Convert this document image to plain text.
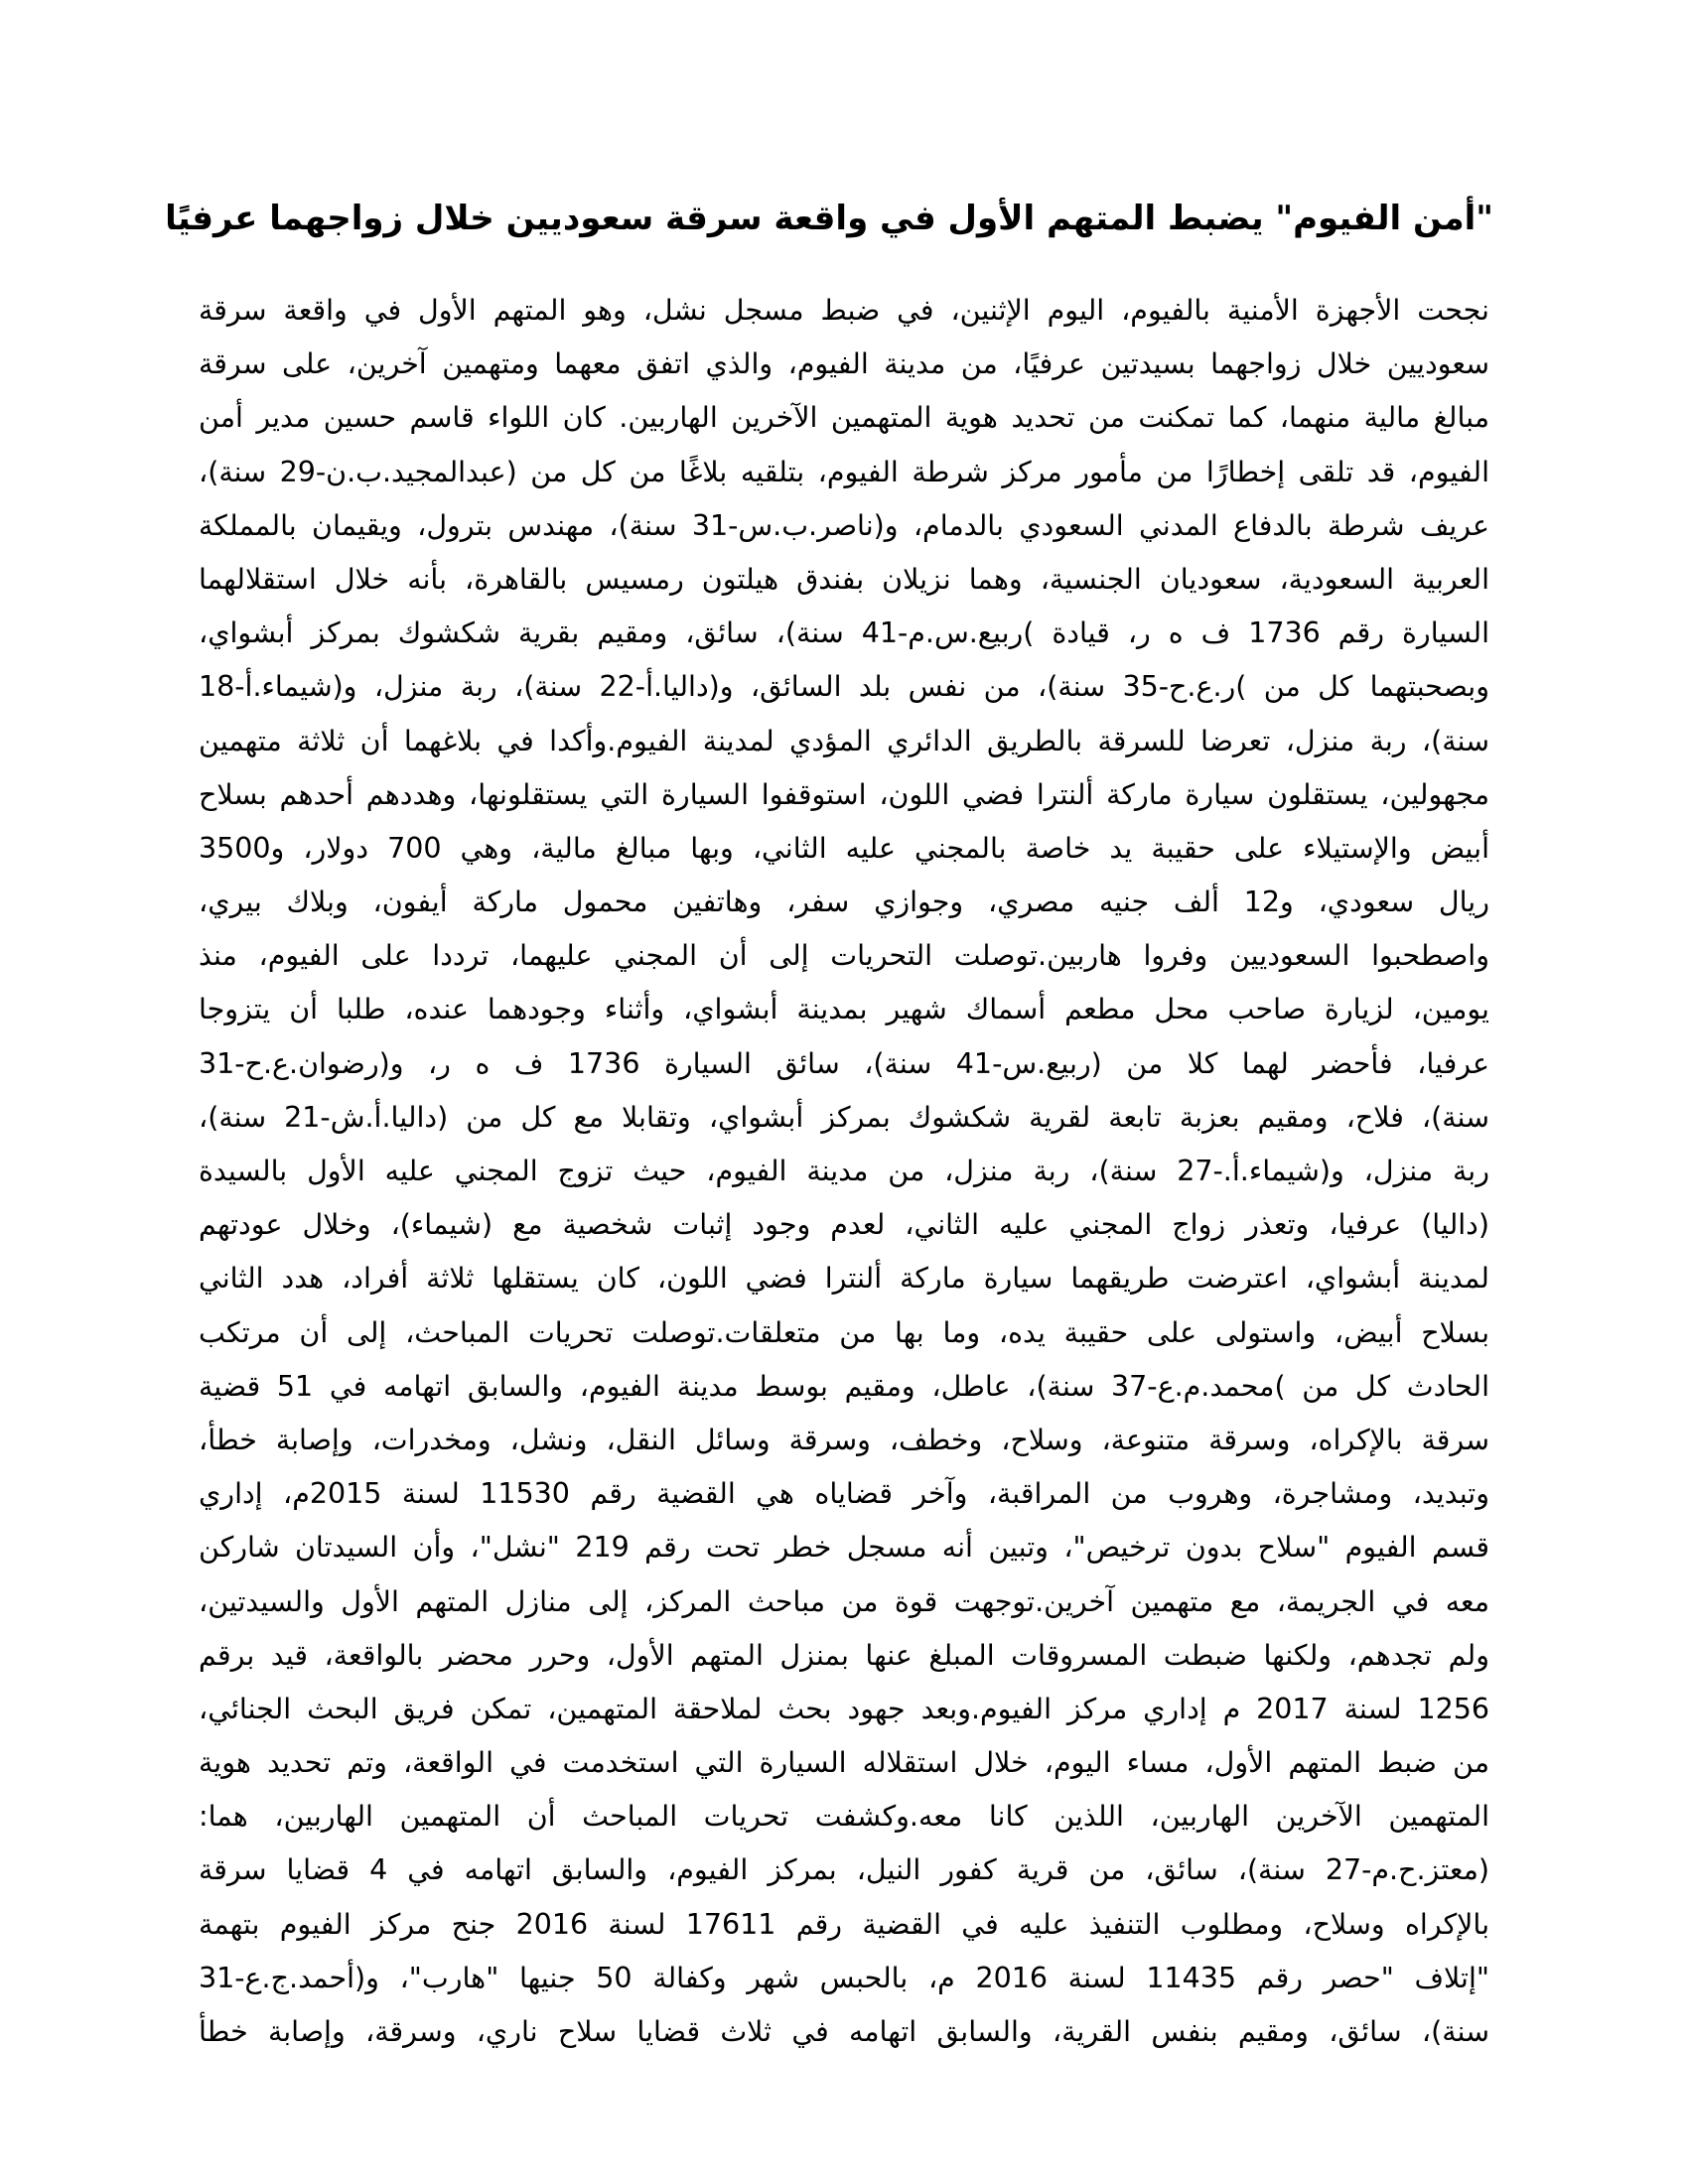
"أمن الفيوم" يضبط المتهم الأول في واقعة سرقة سعوديين خلال زواجهما عرفيًا
نجحت الأجهزة الأمنية بالفيوم، اليوم الإثنين، في ضبط مسجل نشل، وهو المتهم الأول في واقعة سرقة
سعوديين خلال زواجهما بسيدتين عرفيًا، من مدينة الفيوم، والذي اتفق معهما ومتهمين آخرين، على سرقة
مبالغ مالية منهما، كما تمكنت من تحديد هوية المتهمين الآخرين الهاربين. كان اللواء قاسم حسين مدير أمن
الفيوم، قد تلقى إخطارًا من مأمور مركز شرطة الفيوم، بتلقيه بلاغًا من كل من (عبدالمجيد.ب.ن-29 سنة)،
عريف شرطة بالدفاع المدني السعودي بالدمام، و(ناصر.ب.س-31 سنة)، مهندس بترول، ويقيمان بالمملكة
العربية السعودية، سعوديان الجنسية، وهما نزيلان بفندق هيلتون رمسيس بالقاهرة، بأنه خلال استقلالهما
السيارة رقم 1736 ف ه ر، قيادة )ربيع.س.م-41 سنة)، سائق، ومقيم بقرية شكشوك بمركز أبشواي،
وبصحبتهما كل من )ر.ع.ح-35 سنة)، من نفس بلد السائق، و(داليا.أ-22 سنة)، ربة منزل، و(شيماء.أ-18
سنة)، ربة منزل، تعرضا للسرقة بالطريق الدائري المؤدي لمدينة الفيوم.وأكدا في بلاغهما أن ثلاثة متهمين
مجهولين، يستقلون سيارة ماركة ألنترا فضي اللون، استوقفوا السيارة التي يستقلونها، وهددهم أحدهم بسلاح
أبيض والإستيلاء على حقيبة يد خاصة بالمجني عليه الثاني، وبها مبالغ مالية، وهي 700 دولار، و3500
ريال سعودي، و12 ألف جنيه مصري، وجوازي سفر، وهاتفين محمول ماركة أيفون، وبلاك بيري،
واصطحبوا السعوديين وفروا هاربين.توصلت التحريات إلى أن المجني عليهما، ترددا على الفيوم، منذ
يومين، لزيارة صاحب محل مطعم أسماك شهير بمدينة أبشواي، وأثناء وجودهما عنده، طلبا أن يتزوجا
عرفيا، فأحضر لهما كلا من (ربيع.س-41 سنة)، سائق السيارة 1736 ف ه ر، و(رضوان.ع.ح-31
سنة)، فلاح، ومقيم بعزبة تابعة لقرية شكشوك بمركز أبشواي، وتقابلا مع كل من (داليا.أ.ش-21 سنة)،
ربة منزل، و(شيماء.أ.-27 سنة)، ربة منزل، من مدينة الفيوم، حيث تزوج المجني عليه الأول بالسيدة
(داليا) عرفيا، وتعذر زواج المجني عليه الثاني، لعدم وجود إثبات شخصية مع (شيماء)، وخلال عودتهم
لمدينة أبشواي، اعترضت طريقهما سيارة ماركة ألنترا فضي اللون، كان يستقلها ثلاثة أفراد، هدد الثاني
بسلاح أبيض، واستولى على حقيبة يده، وما بها من متعلقات.توصلت تحريات المباحث، إلى أن مرتكب
الحادث كل من )محمد.م.ع-37 سنة)، عاطل، ومقيم بوسط مدينة الفيوم، والسابق اتهامه في 51 قضية
سرقة بالإكراه، وسرقة متنوعة، وسلاح، وخطف، وسرقة وسائل النقل، ونشل، ومخدرات، وإصابة خطأ،
وتبديد، ومشاجرة، وهروب من المراقبة، وآخر قضاياه هي القضية رقم 11530 لسنة 2015م، إداري
قسم الفيوم "سلاح بدون ترخيص"، وتبين أنه مسجل خطر تحت رقم 219 "نشل"، وأن السيدتان شاركن
معه في الجريمة، مع متهمين آخرين.توجهت قوة من مباحث المركز، إلى منازل المتهم الأول والسيدتين،
ولم تجدهم، ولكنها ضبطت المسروقات المبلغ عنها بمنزل المتهم الأول، وحرر محضر بالواقعة، قيد برقم
1256 لسنة 2017 م إداري مركز الفيوم.وبعد جهود بحث لملاحقة المتهمين، تمكن فريق البحث الجنائي،
من ضبط المتهم الأول، مساء اليوم، خلال استقلاله السيارة التي استخدمت في الواقعة، وتم تحديد هوية
المتهمين الآخرين الهاربين، اللذين كانا معه.وكشفت تحريات المباحث أن المتهمين الهاربين، هما:
(معتز.ح.م-27 سنة)، سائق، من قرية كفور النيل، بمركز الفيوم، والسابق اتهامه في 4 قضايا سرقة
بالإكراه وسلاح، ومطلوب التنفيذ عليه في القضية رقم 17611 لسنة 2016 جنح مركز الفيوم بتهمة
"إتلاف "حصر رقم 11435 لسنة 2016 م، بالحبس شهر وكفالة 50 جنيها "هارب"، و(أحمد.ج.ع-31
سنة)، سائق، ومقيم بنفس القرية، والسابق اتهامه في ثلاث قضايا سلاح ناري، وسرقة، وإصابة خطأ
